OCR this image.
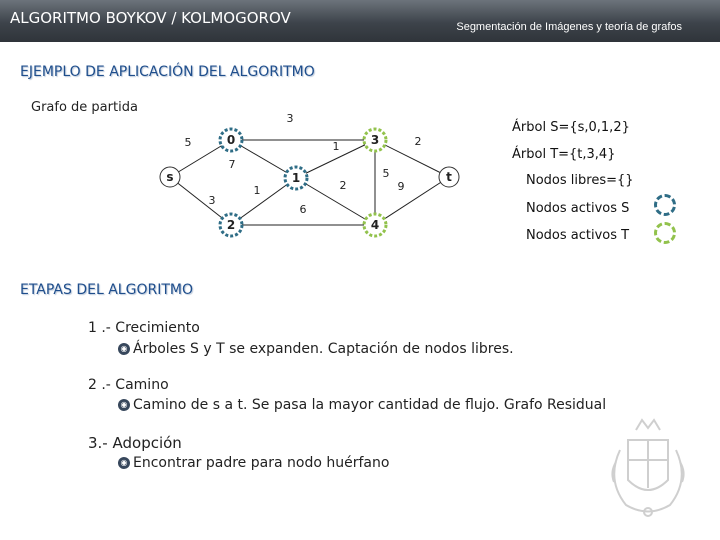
ALGORITMO BOYKOV / KOLMOGOROV	Segmentación de Imágenes y teoría de grafos
EJEMPLO DE APLICACIÓN DEL ALGORITMO
Grafo de partida
5
3
3
7
1
1
2
6
5
2
9
s
0
1
2
3
4
t
Árbol S={s,0,1,2}
Árbol T={t,3,4}
Nodos libres={}
Nodos activos S
Nodos activos T
ETAPAS DEL ALGORITMO
1 .- Crecimiento
◉ Árboles S y T se expanden. Captación de nodos libres.
2 .- Camino
◉ Camino de s a t. Se pasa la mayor cantidad de flujo. Grafo Residual
3.- Adopción
◉ Encontrar padre para nodo huérfano
